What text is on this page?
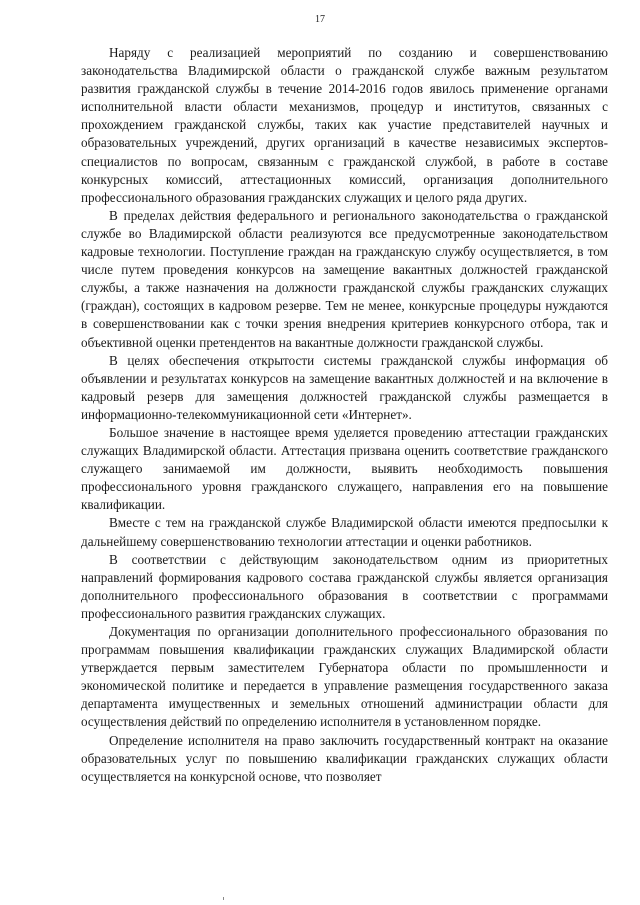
17

Наряду с реализацией мероприятий по созданию и совершенствованию законодательства Владимирской области о гражданской службе важным результатом развития гражданской службы в течение 2014-2016 годов явилось применение органами исполнительной власти области механизмов, процедур и институтов, связанных с прохождением гражданской службы, таких как участие представителей научных и образовательных учреждений, других организаций в качестве независимых экспертов-специалистов по вопросам, связанным с гражданской службой, в работе в составе конкурсных комиссий, аттестационных комиссий, организация дополнительного профессионального образования гражданских служащих и целого ряда других.

В пределах действия федерального и регионального законодательства о гражданской службе во Владимирской области реализуются все предусмотренные законодательством кадровые технологии. Поступление граждан на гражданскую службу осуществляется, в том числе путем проведения конкурсов на замещение вакантных должностей гражданской службы, а также назначения на должности гражданской службы гражданских служащих (граждан), состоящих в кадровом резерве. Тем не менее, конкурсные процедуры нуждаются в совершенствовании как с точки зрения внедрения критериев конкурсного отбора, так и объективной оценки претендентов на вакантные должности гражданской службы.

В целях обеспечения открытости системы гражданской службы информация об объявлении и результатах конкурсов на замещение вакантных должностей и на включение в кадровый резерв для замещения должностей гражданской службы размещается в информационно-телекоммуникационной сети «Интернет».

Большое значение в настоящее время уделяется проведению аттестации гражданских служащих Владимирской области. Аттестация призвана оценить соответствие гражданского служащего занимаемой им должности, выявить необходимость повышения профессионального уровня гражданского служащего, направления его на повышение квалификации.

Вместе с тем на гражданской службе Владимирской области имеются предпосылки к дальнейшему совершенствованию технологии аттестации и оценки работников.

В соответствии с действующим законодательством одним из приоритетных направлений формирования кадрового состава гражданской службы является организация дополнительного профессионального образования в соответствии с программами профессионального развития гражданских служащих.

Документация по организации дополнительного профессионального образования по программам повышения квалификации гражданских служащих Владимирской области утверждается первым заместителем Губернатора области по промышленности и экономической политике и передается в управление размещения государственного заказа департамента имущественных и земельных отношений администрации области для осуществления действий по определению исполнителя в установленном порядке.

Определение исполнителя на право заключить государственный контракт на оказание образовательных услуг по повышению квалификации гражданских служащих области осуществляется на конкурсной основе, что позволяет
